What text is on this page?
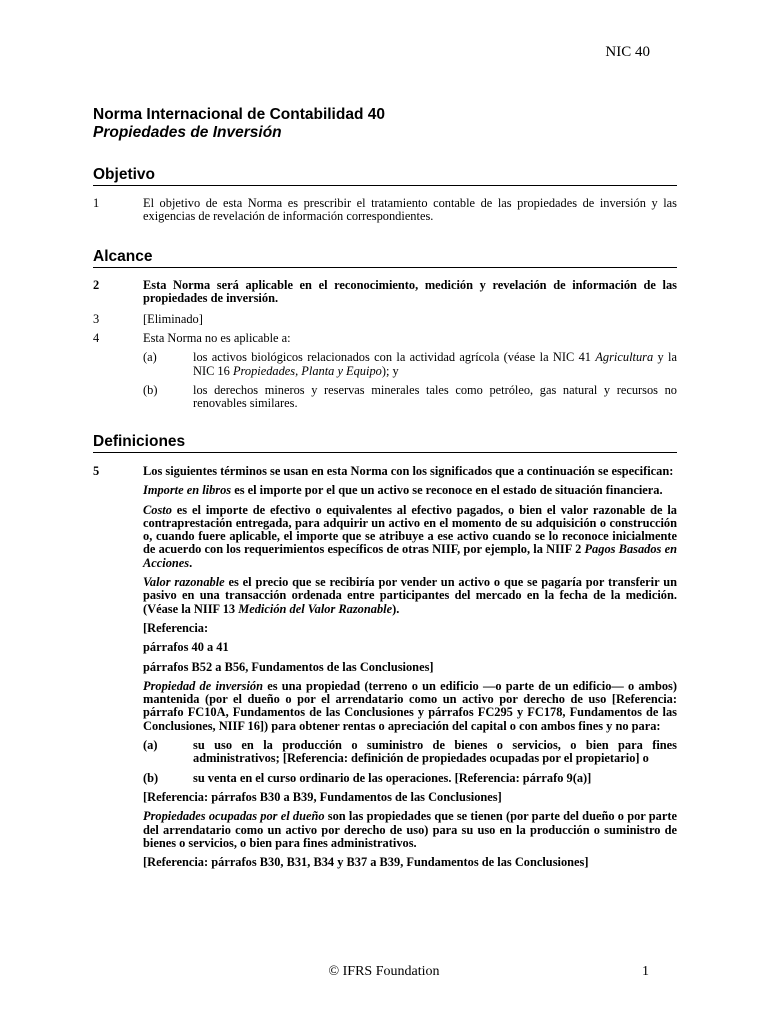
NIC 40
Norma Internacional de Contabilidad 40
Propiedades de Inversión
Objetivo
1	El objetivo de esta Norma es prescribir el tratamiento contable de las propiedades de inversión y las exigencias de revelación de información correspondientes.

Alcance
2	Esta Norma será aplicable en el reconocimiento, medición y revelación de información de las propiedades de inversión.

3	[Eliminado]

4	Esta Norma no es aplicable a:

(a)	los activos biológicos relacionados con la actividad agrícola (véase la NIC 41 Agricultura y la NIC 16 Propiedades, Planta y Equipo); y
(b)	los derechos mineros y reservas minerales tales como petróleo, gas natural y recursos no renovables similares.
Definiciones
5	Los siguientes términos se usan en esta Norma con los significados que a continuación se especifican:

Importe en libros es el importe por el que un activo se reconoce en el estado de situación financiera.

Costo es el importe de efectivo o equivalentes al efectivo pagados, o bien el valor razonable de la contraprestación entregada, para adquirir un activo en el momento de su adquisición o construcción o, cuando fuere aplicable, el importe que se atribuye a ese activo cuando se lo reconoce inicialmente de acuerdo con los requerimientos específicos de otras NIIF, por ejemplo, la NIIF 2 Pagos Basados en Acciones.

Valor razonable es el precio que se recibiría por vender un activo o que se pagaría por transferir un pasivo en una transacción ordenada entre participantes del mercado en la fecha de la medición. (Véase la NIIF 13 Medición del Valor Razonable).

[Referencia:

párrafos 40 a 41

párrafos B52 a B56, Fundamentos de las Conclusiones]

Propiedad de inversión es una propiedad (terreno o un edificio —o parte de un edificio— o ambos) mantenida (por el dueño o por el arrendatario como un activo por derecho de uso [Referencia: párrafo FC10A, Fundamentos de las Conclusiones y párrafos FC295 y FC178, Fundamentos de las Conclusiones, NIIF 16]) para obtener rentas o apreciación del capital o con ambos fines y no para:

(a)	su uso en la producción o suministro de bienes o servicios, o bien para fines administrativos; [Referencia: definición de propiedades ocupadas por el propietario] o
(b)	su venta en el curso ordinario de las operaciones. [Referencia: párrafo 9(a)]

[Referencia: párrafos B30 a B39, Fundamentos de las Conclusiones]

Propiedades ocupadas por el dueño son las propiedades que se tienen (por parte del dueño o por parte del arrendatario como un activo por derecho de uso) para su uso en la producción o suministro de bienes o servicios, o bien para fines administrativos.

[Referencia: párrafos B30, B31, B34 y B37 a B39, Fundamentos de las Conclusiones]

© IFRS Foundation	1
